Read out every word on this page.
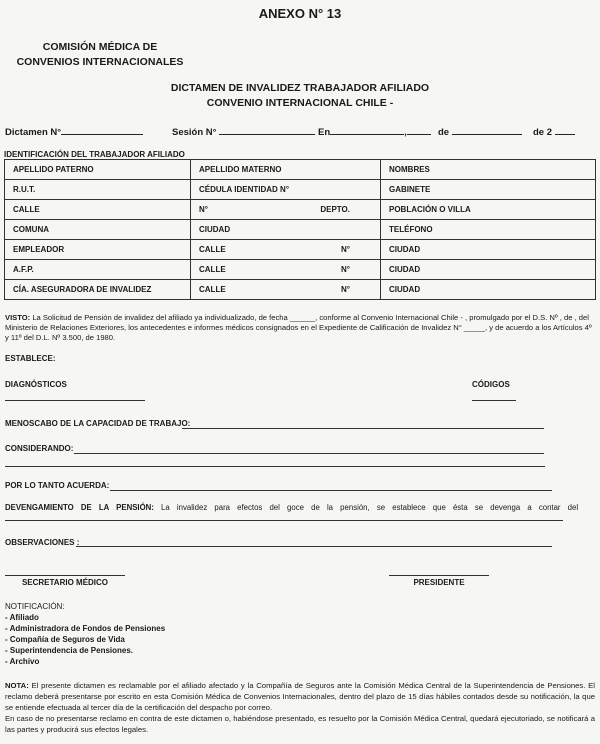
ANEXO N° 13
COMISIÓN MÉDICA DE
CONVENIOS INTERNACIONALES
DICTAMEN DE INVALIDEZ TRABAJADOR AFILIADO
CONVENIO INTERNACIONAL CHILE -
Dictamen N°	Sesión N°	En	,	de	de 2
IDENTIFICACIÓN DEL TRABAJADOR AFILIADO
APELLIDO PATERNO	APELLIDO MATERNO	NOMBRES
R.U.T.	CÉDULA IDENTIDAD N°	GABINETE
CALLE	N° DEPTO.	POBLACIÓN O VILLA
COMUNA	CIUDAD	TELÉFONO
EMPLEADOR	CALLE N°	CIUDAD
A.F.P.	CALLE N°	CIUDAD
CÍA. ASEGURADORA DE INVALIDEZ	CALLE N°	CIUDAD
VISTO: La Solicitud de Pensión de invalidez del afiliado ya individualizado, de fecha ______, conforme al Convenio Internacional Chile - , promulgado por el D.S. Nº , de , del Ministerio de Relaciones Exteriores, los antecedentes e informes médicos consignados en el Expediente de Calificación de Invalidez N° _____, y de acuerdo a los Artículos 4º y 11º del D.L. Nº 3.500, de 1980.
ESTABLECE:
DIAGNÓSTICOS	CÓDIGOS
MENOSCABO DE LA CAPACIDAD DE TRABAJO:
CONSIDERANDO:
POR LO TANTO ACUERDA:
DEVENGAMIENTO DE LA PENSIÓN: La invalidez para efectos del goce de la pensión, se establece que ésta se devenga a contar del
OBSERVACIONES :
SECRETARIO MÉDICO	PRESIDENTE
NOTIFICACIÓN:
- Afiliado
- Administradora de Fondos de Pensiones
- Compañía de Seguros de Vida
- Superintendencia de Pensiones.
- Archivo
NOTA: El presente dictamen es reclamable por el afiliado afectado y la Compañía de Seguros ante la Comisión Médica Central de la Superintendencia de Pensiones. El reclamo deberá presentarse por escrito en esta Comisión Médica de Convenios Internacionales, dentro del plazo de 15 días hábiles contados desde su notificación, la que se entiende efectuada al tercer día de la certificación del despacho por correo.
En caso de no presentarse reclamo en contra de este dictamen o, habiéndose presentado, es resuelto por la Comisión Médica Central, quedará ejecutoriado, se notificará a las partes y producirá sus efectos legales.
